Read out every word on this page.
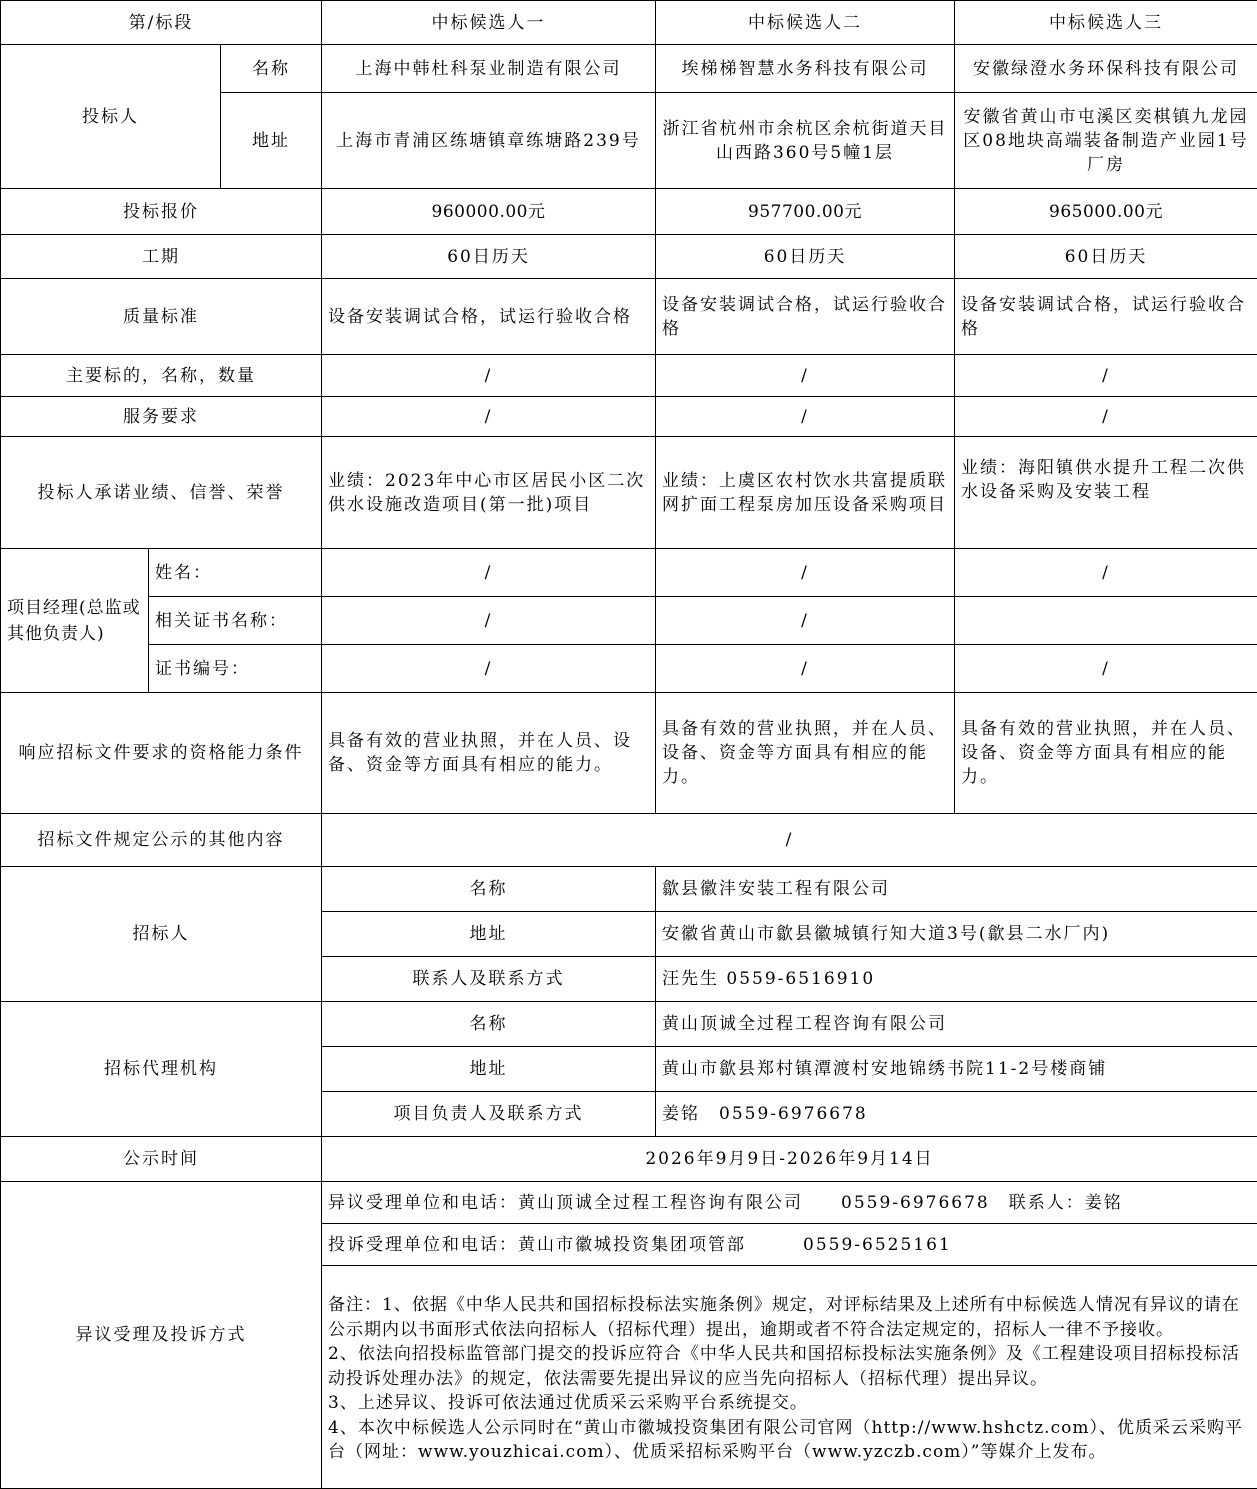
第/标段			中标候选人一	中标候选人二	中标候选人三
投标人		名称	上海中韩杜科泵业制造有限公司	埃梯梯智慧水务科技有限公司	安徽绿澄水务环保科技有限公司
		地址	上海市青浦区练塘镇章练塘路239号	浙江省杭州市余杭区余杭街道天目山西路360号5幢1层	安徽省黄山市屯溪区奕棋镇九龙园区08地块高端装备制造产业园1号厂房
投标报价			960000.00元	957700.00元	965000.00元
工期			60日历天	60日历天	60日历天
质量标准			设备安装调试合格，试运行验收合格	设备安装调试合格，试运行验收合格	设备安装调试合格，试运行验收合格
主要标的，名称，数量			/	/	/
服务要求			/	/	/
投标人承诺业绩、信誉、荣誉			业绩：2023年中心市区居民小区二次供水设施改造项目(第一批)项目	业绩：上虞区农村饮水共富提质联网扩面工程泵房加压设备采购项目	业绩：海阳镇供水提升工程二次供水设备采购及安装工程
项目经理(总监或其他负责人)	姓名：		/	/	/
	相关证书名称：		/	/	
	证书编号：		/	/	/
响应招标文件要求的资格能力条件			具备有效的营业执照，并在人员、设备、资金等方面具有相应的能力。	具备有效的营业执照，并在人员、设备、资金等方面具有相应的能力。	具备有效的营业执照，并在人员、设备、资金等方面具有相应的能力。
招标文件规定公示的其他内容			/		
招标人			名称	歙县徽沣安装工程有限公司	
			地址	安徽省黄山市歙县徽城镇行知大道3号(歙县二水厂内)	
			联系人及联系方式	汪先生 0559-6516910	
招标代理机构			名称	黄山顶诚全过程工程咨询有限公司	
			地址	黄山市歙县郑村镇潭渡村安地锦绣书院11-2号楼商铺	
			项目负责人及联系方式	姜铭　0559-6976678	
公示时间			2026年9月9日-2026年9月14日		
异议受理及投诉方式			异议受理单位和电话：黄山顶诚全过程工程咨询有限公司　　0559-6976678　联系人：姜铭		
			投诉受理单位和电话：黄山市徽城投资集团项管部　　　0559-6525161		

			备注：1、依据《中华人民共和国招标投标法实施条例》规定，对评标结果及上述所有中标候选人情况有异议的请在公示期内以书面形式依法向招标人（招标代理）提出，逾期或者不符合法定规定的，招标人一律不予接收。

2、依法向招投标监管部门提交的投诉应符合《中华人民共和国招标投标法实施条例》及《工程建设项目招标投标活动投诉处理办法》的规定，依法需要先提出异议的应当先向招标人（招标代理）提出异议。

3、上述异议、投诉可依法通过优质采云采购平台系统提交。

4、本次中标候选人公示同时在“黄山市徽城投资集团有限公司官网（http://www.hshctz.com）、优质采云采购平台（网址：www.youzhicai.com）、优质采招标采购平台（www.yzczb.com）”等媒介上发布。		
